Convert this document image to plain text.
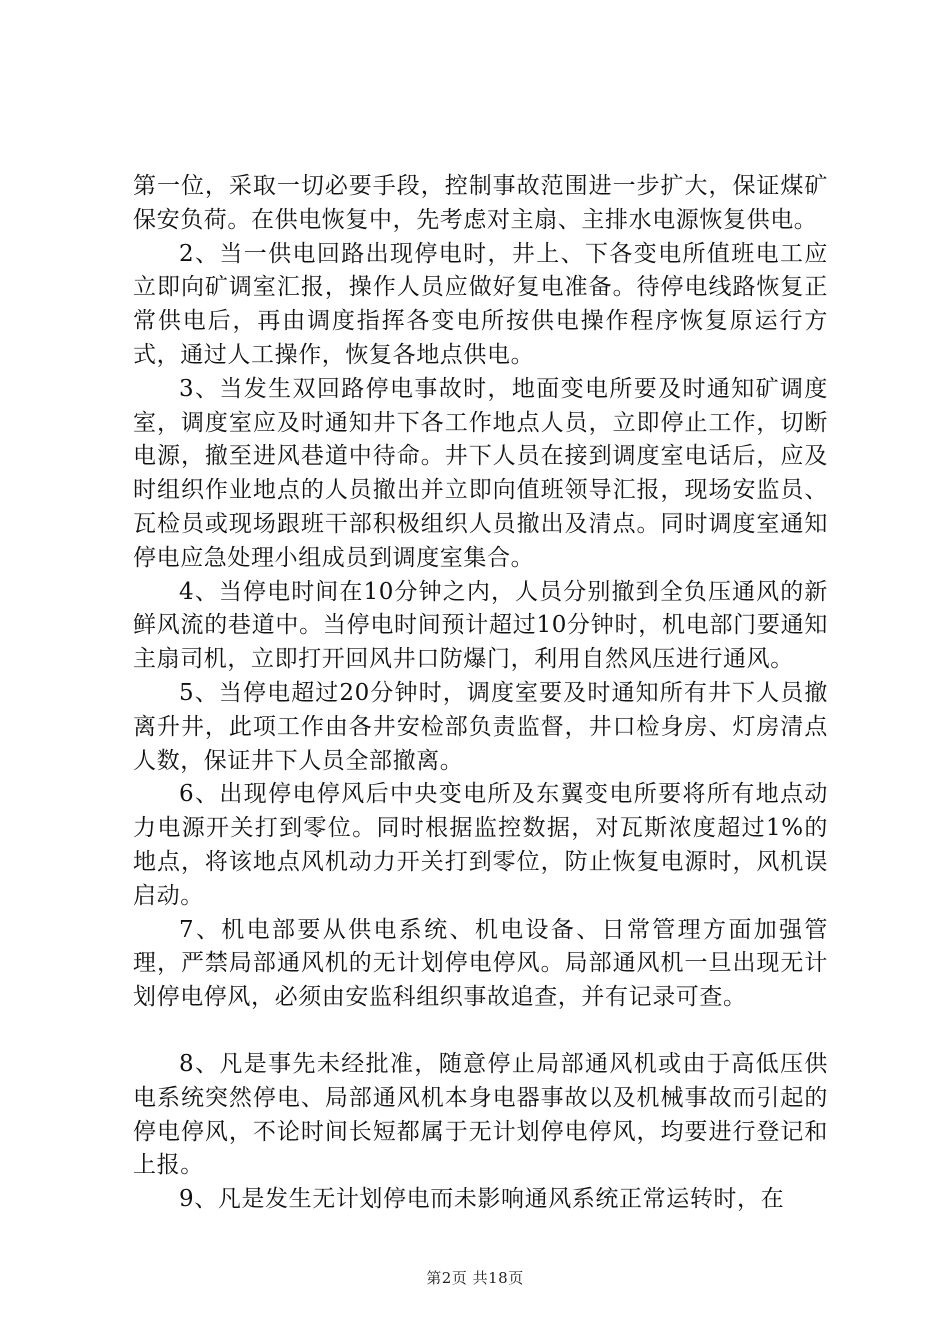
第一位，采取一切必要手段，控制事故范围进一步扩大，保证煤矿保安负荷。在供电恢复中，先考虑对主扇、主排水电源恢复供电。

2、当一供电回路出现停电时，井上、下各变电所值班电工应立即向矿调室汇报，操作人员应做好复电准备。待停电线路恢复正常供电后，再由调度指挥各变电所按供电操作程序恢复原运行方式，通过人工操作，恢复各地点供电。

3、当发生双回路停电事故时，地面变电所要及时通知矿调度室，调度室应及时通知井下各工作地点人员，立即停止工作，切断电源，撤至进风巷道中待命。井下人员在接到调度室电话后，应及时组织作业地点的人员撤出并立即向值班领导汇报，现场安监员、瓦检员或现场跟班干部积极组织人员撤出及清点。同时调度室通知停电应急处理小组成员到调度室集合。

4、当停电时间在10分钟之内，人员分别撤到全负压通风的新鲜风流的巷道中。当停电时间预计超过10分钟时，机电部门要通知主扇司机，立即打开回风井口防爆门，利用自然风压进行通风。

5、当停电超过20分钟时，调度室要及时通知所有井下人员撤离升井，此项工作由各井安检部负责监督，井口检身房、灯房清点人数，保证井下人员全部撤离。

6、出现停电停风后中央变电所及东翼变电所要将所有地点动力电源开关打到零位。同时根据监控数据，对瓦斯浓度超过1%的地点，将该地点风机动力开关打到零位，防止恢复电源时，风机误启动。

7、机电部要从供电系统、机电设备、日常管理方面加强管理，严禁局部通风机的无计划停电停风。局部通风机一旦出现无计划停电停风，必须由安监科组织事故追查，并有记录可查。

8、凡是事先未经批准，随意停止局部通风机或由于高低压供电系统突然停电、局部通风机本身电器事故以及机械事故而引起的停电停风，不论时间长短都属于无计划停电停风，均要进行登记和上报。

9、凡是发生无计划停电而未影响通风系统正常运转时，在

第2页 共18页
